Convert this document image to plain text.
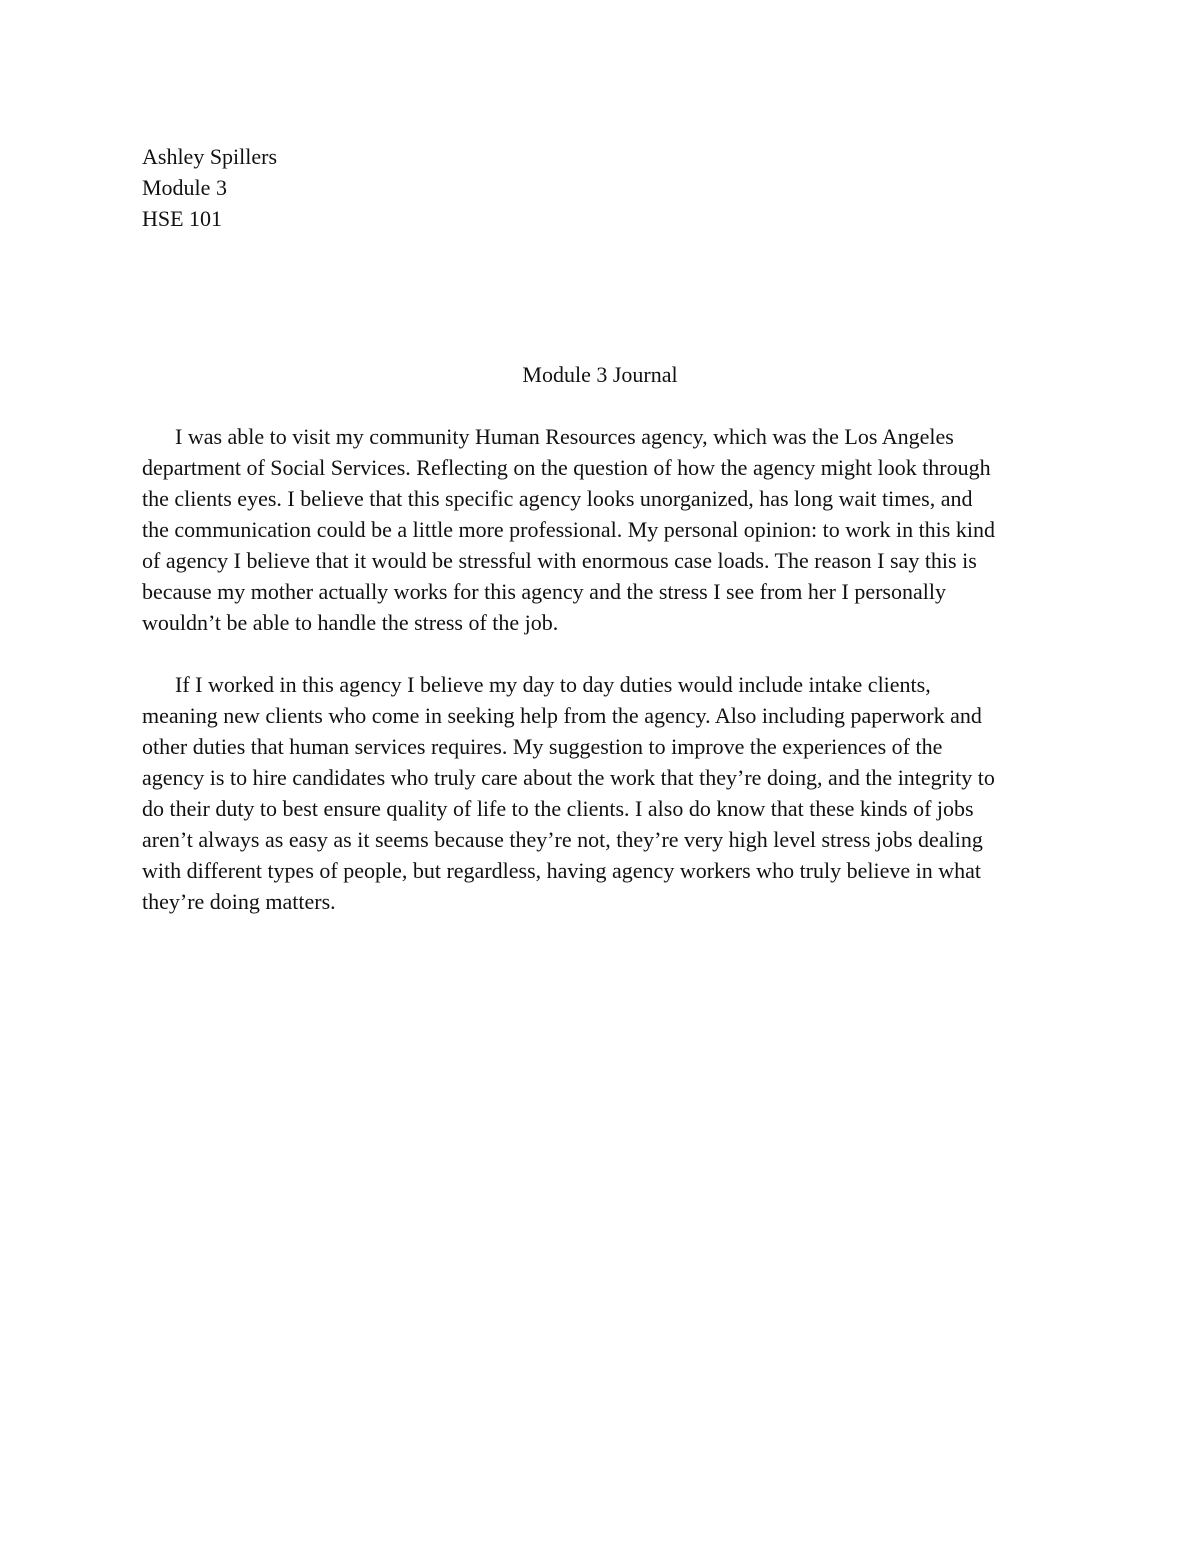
Ashley Spillers
Module 3
HSE 101
Module 3 Journal
I was able to visit my community Human Resources agency, which was the Los Angeles
department of Social Services. Reflecting on the question of how the agency might look through
the clients eyes. I believe that this specific agency looks unorganized, has long wait times, and
the communication could be a little more professional. My personal opinion: to work in this kind
of agency I believe that it would be stressful with enormous case loads. The reason I say this is
because my mother actually works for this agency and the stress I see from her I personally
wouldn’t be able to handle the stress of the job.
If I worked in this agency I believe my day to day duties would include intake clients,
meaning new clients who come in seeking help from the agency. Also including paperwork and
other duties that human services requires. My suggestion to improve the experiences of the
agency is to hire candidates who truly care about the work that they’re doing, and the integrity to
do their duty to best ensure quality of life to the clients. I also do know that these kinds of jobs
aren’t always as easy as it seems because they’re not, they’re very high level stress jobs dealing
with different types of people, but regardless, having agency workers who truly believe in what
they’re doing matters.
